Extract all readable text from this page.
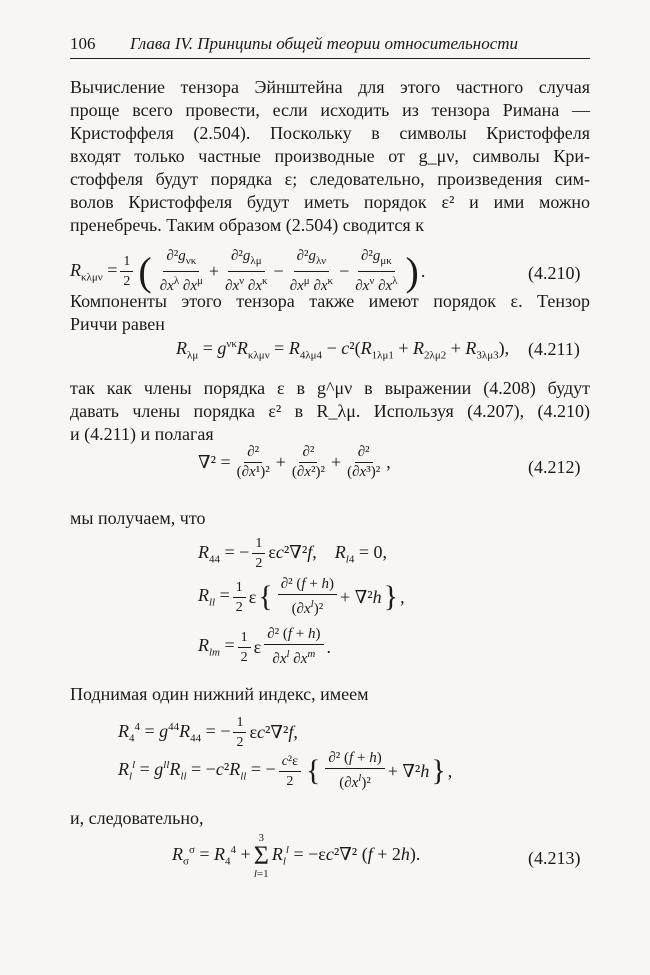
106 Глава IV. Принципы общей теории относительности
Вычисление тензора Эйнштейна для этого частного случая
проще всего провести, если исходить из тензора Римана —
Кристоффеля (2.504). Поскольку в символы Кристоффеля
входят только частные производные от g_μν, символы Кри-
стоффеля будут порядка ε; следовательно, произведения сим-
волов Кристоффеля будут иметь порядок ε² и ими можно
пренебречь. Таким образом (2.504) сводится к
$R_{\kappa\lambda\mu\nu} = \frac{1}{2}$ ( $\frac{\partial^2g_{\nu\kappa}}{\partial x^\lambda \partial x^\mu} + \frac{\partial^2g_{\lambda\mu}}{\partial x^\nu \partial x^\kappa} - \frac{\partial^2g_{\lambda\nu}}{\partial x^\mu \partial x^\kappa} - \frac{\partial^2g_{\mu\kappa}}{\partial x^\nu \partial x^\lambda}$ ) .	(4.210)
Компоненты этого тензора также имеют порядок ε. Тензор
Риччи равен
$R_{\lambda\mu} = g^{\nu\kappa}R_{\kappa\lambda\mu\nu} = R_{4\lambda\mu 4} - c^2(R_{1\lambda\mu 1} + R_{2\lambda\mu 2} + R_{3\lambda\mu 3})$, (4.211)
так как члены порядка ε в g^μν в выражении (4.208) будут
давать члены порядка ε² в R_λμ. Используя (4.207), (4.210)
и (4.211) и полагая
$\nabla^2 = \frac{\text{∂²}}{\text{(∂x¹)²}} + \frac{\text{∂²}}{\text{(∂x²)²}} + \frac{\text{∂²}}{\text{(∂x³)²}}$ ,	(4.212)
мы получаем, что
$R_{44}$ = − $\frac{1}{2} \varepsilon c^2\nabla^2f$,    $R_{l4} = 0$,
$R_{ll} = \frac{1}{2}$ ε { $\frac{\text{∂² (f + h)}}{(\partial x^l)^2} + \nabla^2h$ } ,
$R_{lm} = \frac{1}{2}$ ε $\frac{\text{∂² (f + h)}}{\partial x^l \partial x^m}$ .
Поднимая один нижний индекс, имеем
$R_4^4 = g^{44}R_{44}$ = − $\frac{1}{2} \varepsilon c^2\nabla^2f$,
$R_l^l = g^{ll}R_{ll} = -c^2R_{ll}$ = − $\frac{\text{c²ε}}{2}$ { $\frac{\text{∂² (f + h)}}{(\partial x^l)^2} + \nabla^2h$ } ,
и, следовательно,
$R_\sigma^\sigma = R_4^4$ +
3
Σ
l=1
$R_l^l = -\varepsilon c^2\nabla^2$ (f + 2h).	(4.213)
